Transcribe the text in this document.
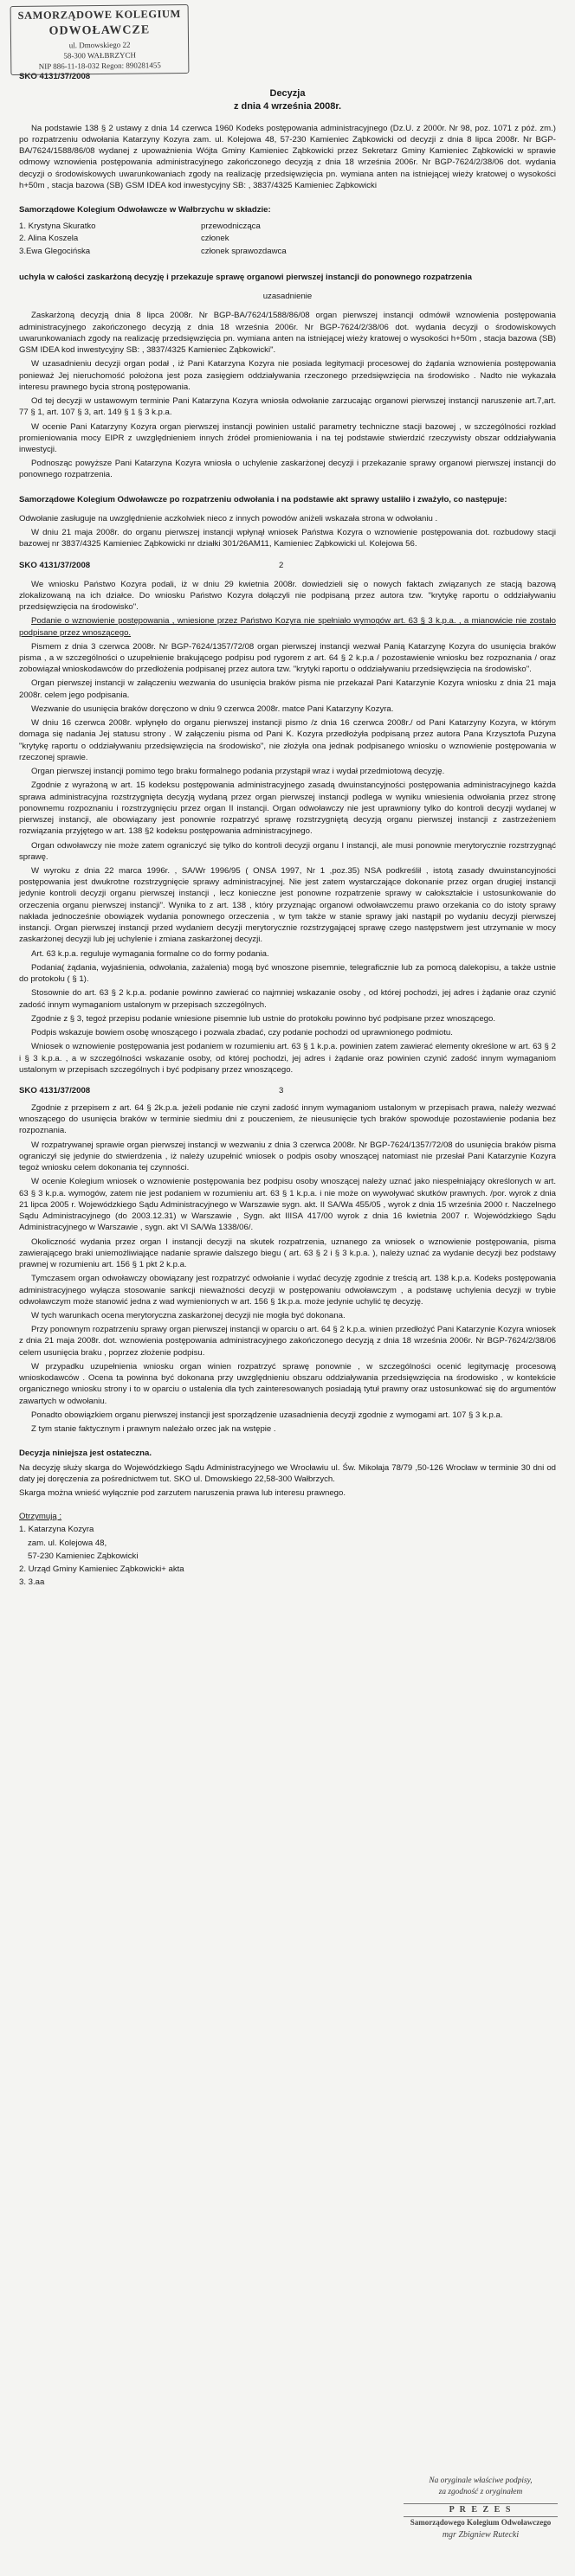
SAMORZĄDOWE KOLEGIUM
ODWOŁAWCZE
ul. Dmowskiego 22
58-300 WAŁBRZYCH
NIP 886-11-18-032 Regon: 890281455

SKO 4131/37/2008

Decyzja

z dnia 4 września 2008r.

Na podstawie 138 § 2 ustawy z dnia 14 czerwca 1960 Kodeks postępowania administracyjnego (Dz.U. z 2000r. Nr 98, poz. 1071 z póź. zm.) po rozpatrzeniu odwołania Katarzyny Kozyra zam. ul. Kolejowa 48, 57-230 Kamieniec Ząbkowicki od decyzji z dnia 8 lipca 2008r. Nr BGP-BA/7624/1588/86/08 wydanej z upoważnienia Wójta Gminy Kamieniec Ząbkowicki przez Sekretarz Gminy Kamieniec Ząbkowicki w sprawie odmowy wznowienia postępowania administracyjnego zakończonego decyzją z dnia 18 września 2006r. Nr BGP-7624/2/38/06 dot. wydania decyzji o środowiskowych uwarunkowaniach zgody na realizację przedsięwzięcia pn. wymiana anten na istniejącej wieży kratowej o wysokości h+50m , stacja bazowa (SB) GSM IDEA kod inwestycyjny SB: , 3837/4325 Kamieniec Ząbkowicki

Samorządowe Kolegium Odwoławcze w Wałbrzychu w składzie:

1. Krystyna Skuratko	przewodnicząca
2. Alina Koszela	członek
3.Ewa Glegocińska	członek sprawozdawca

uchyla w całości zaskarżoną decyzję i przekazuje sprawę organowi pierwszej instancji do ponownego rozpatrzenia

uzasadnienie

Zaskarżoną decyzją dnia 8 lipca 2008r. Nr BGP-BA/7624/1588/86/08 organ pierwszej instancji odmówił wznowienia postępowania administracyjnego zakończonego decyzją z dnia 18 września 2006r. Nr BGP-7624/2/38/06 dot. wydania decyzji o środowiskowych uwarunkowaniach zgody na realizację przedsięwzięcia pn. wymiana anten na istniejącej wieży kratowej o wysokości h+50m , stacja bazowa (SB) GSM IDEA kod inwestycyjny SB: , 3837/4325 Kamieniec Ząbkowicki".

W uzasadnieniu decyzji organ podał , iż Pani Katarzyna Kozyra nie posiada legitymacji procesowej do żądania wznowienia postępowania ponieważ Jej nieruchomość położona jest poza zasięgiem oddziaływania rzeczonego przedsięwzięcia na środowisko . Nadto nie wykazała interesu prawnego bycia stroną postępowania.

Od tej decyzji w ustawowym terminie Pani Katarzyna Kozyra wniosła odwołanie zarzucając organowi pierwszej instancji naruszenie art.7,art. 77 § 1, art. 107 § 3, art. 149 § 1 § 3 k.p.a.

W ocenie Pani Katarzyny Kozyra organ pierwszej instancji powinien ustalić parametry techniczne stacji bazowej , w szczególności rozkład promieniowania mocy EIPR z uwzględnieniem innych źródeł promieniowania i na tej podstawie stwierdzić rzeczywisty obszar oddziaływania inwestycji.

Podnosząc powyższe Pani Katarzyna Kozyra wniosła o uchylenie zaskarżonej decyzji i przekazanie sprawy organowi pierwszej instancji do ponownego rozpatrzenia.

Samorządowe Kolegium Odwoławcze po rozpatrzeniu odwołania i na podstawie akt sprawy ustaliło i zważyło, co następuje:

Odwołanie zasługuje na uwzględnienie aczkolwiek nieco z innych powodów aniżeli wskazała strona w odwołaniu .

W dniu 21 maja 2008r. do organu pierwszej instancji wpłynął wniosek Państwa Kozyra o wznowienie postępowania dot. rozbudowy stacji bazowej nr 3837/4325 Kamieniec Ząbkowicki nr działki 301/26AM11, Kamieniec Ząbkowicki ul. Kolejowa 56.

SKO 4131/37/2008	2

We wniosku Państwo Kozyra podali, iż w dniu 29 kwietnia 2008r. dowiedzieli się o nowych faktach związanych ze stacją bazową zlokalizowaną na ich działce. Do wniosku Państwo Kozyra dołączyli nie podpisaną przez autora tzw. "krytykę raportu o oddziaływaniu przedsięwzięcia na środowisko".

Podanie o wznowienie postępowania , wniesione przez Państwo Kozyra nie spełniało wymogów art. 63 § 3 k.p.a. , a mianowicie nie zostało podpisane przez wnoszącego.

Pismem z dnia 3 czerwca 2008r. Nr BGP-7624/1357/72/08 organ pierwszej instancji wezwał Panią Katarzynę Kozyra do usunięcia braków pisma , a w szczególności o uzupełnienie brakującego podpisu pod rygorem z art. 64 § 2 k.p.a / pozostawienie wniosku bez rozpoznania / oraz zobowiązał wnioskodawców do przedłożenia podpisanej przez autora tzw. "krytyki raportu o oddziaływaniu przedsięwzięcia na środowisko".

Organ pierwszej instancji w załączeniu wezwania do usunięcia braków pisma nie przekazał Pani Katarzynie Kozyra wniosku z dnia 21 maja 2008r. celem jego podpisania.

Wezwanie do usunięcia braków doręczono w dniu 9 czerwca 2008r. matce Pani Katarzyny Kozyra.

W dniu 16 czerwca 2008r. wpłynęło do organu pierwszej instancji pismo /z dnia 16 czerwca 2008r./ od Pani Katarzyny Kozyra, w którym domaga się nadania Jej statusu strony . W załączeniu pisma od Pani K. Kozyra przedłożyła podpisaną przez autora Pana Krzysztofa Puzyna "krytykę raportu o oddziaływaniu przedsięwzięcia na środowisko", nie złożyła ona jednak podpisanego wniosku o wznowienie postępowania w rzeczonej sprawie.

Organ pierwszej instancji pomimo tego braku formalnego podania przystąpił wraz i wydał przedmiotową decyzję.

Zgodnie z wyrażoną w art. 15 kodeksu postępowania administracyjnego zasadą dwuinstancyjności postępowania administracyjnego każda sprawa administracyjna rozstrzygnięta decyzją wydaną przez organ pierwszej instancji podlega w wyniku wniesienia odwołania przez stronę ponownemu rozpoznaniu i rozstrzygnięciu przez organ II instancji. Organ odwoławczy nie jest uprawniony tylko do kontroli decyzji wydanej w pierwszej instancji, ale obowiązany jest ponownie rozpatrzyć sprawę rozstrzygniętą decyzją organu pierwszej instancji z zastrzeżeniem rozwiązania przyjętego w art. 138 §2 kodeksu postępowania administracyjnego.

Organ odwoławczy nie może zatem ograniczyć się tylko do kontroli decyzji organu I instancji, ale musi ponownie merytorycznie rozstrzygnąć sprawę.

W wyroku z dnia 22 marca 1996r. , SA/Wr 1996/95 ( ONSA 1997, Nr 1 ,poz.35) NSA podkreślił , istotą zasady dwuinstancyjności postępowania jest dwukrotne rozstrzygnięcie sprawy administracyjnej. Nie jest zatem wystarczające dokonanie przez organ drugiej instancji jedynie kontroli decyzji organu pierwszej instancji , lecz konieczne jest ponowne rozpatrzenie sprawy w całokształcie i ustosunkowanie do orzeczenia organu pierwszej instancji". Wynika to z art. 138 , który przyznając organowi odwoławczemu prawo orzekania co do istoty sprawy nakłada jednocześnie obowiązek wydania ponownego orzeczenia , w tym także w stanie sprawy jaki nastąpił po wydaniu decyzji pierwszej instancji. Organ pierwszej instancji przed wydaniem decyzji merytorycznie rozstrzygającej sprawę czego następstwem jest utrzymanie w mocy zaskarżonej decyzji lub jej uchylenie i zmiana zaskarżonej decyzji.

Art. 63 k.p.a. reguluje wymagania formalne co do formy podania.

Podania( żądania, wyjaśnienia, odwołania, zażalenia) mogą być wnoszone pisemnie, telegraficznie lub za pomocą dalekopisu, a także ustnie do protokołu ( § 1).

Stosownie do art. 63 § 2 k.p.a. podanie powinno zawierać co najmniej wskazanie osoby , od której pochodzi, jej adres i żądanie oraz czynić zadość innym wymaganiom ustalonym w przepisach szczególnych.

Zgodnie z § 3, tegoż przepisu podanie wniesione pisemnie lub ustnie do protokołu powinno być podpisane przez wnoszącego.

Podpis wskazuje bowiem osobę wnoszącego i pozwala zbadać, czy podanie pochodzi od uprawnionego podmiotu.

Wniosek o wznowienie postępowania jest podaniem w rozumieniu art. 63 § 1 k.p.a. powinien zatem zawierać elementy określone w art. 63 § 2 i § 3 k.p.a. , a w szczególności wskazanie osoby, od której pochodzi, jej adres i żądanie oraz powinien czynić zadość innym wymaganiom ustalonym w przepisach szczególnych i być podpisany przez wnoszącego.

SKO 4131/37/2008	3

Zgodnie z przepisem z art. 64 § 2k.p.a. jeżeli podanie nie czyni zadość innym wymaganiom ustalonym w przepisach prawa, należy wezwać wnoszącego do usunięcia braków w terminie siedmiu dni z pouczeniem, że nieusunięcie tych braków spowoduje pozostawienie podania bez rozpoznania.

W rozpatrywanej sprawie organ pierwszej instancji w wezwaniu z dnia 3 czerwca 2008r. Nr BGP-7624/1357/72/08 do usunięcia braków pisma ograniczył się jedynie do stwierdzenia , iż należy uzupełnić wniosek o podpis osoby wnoszącej natomiast nie przesłał Pani Katarzynie Kozyra tegoż wniosku celem dokonania tej czynności.

W ocenie Kolegium wniosek o wznowienie postępowania bez podpisu osoby wnoszącej należy uznać jako niespełniający określonych w art. 63 § 3 k.p.a. wymogów, zatem nie jest podaniem w rozumieniu art. 63 § 1 k.p.a. i nie może on wywoływać skutków prawnych. /por. wyrok z dnia 21 lipca 2005 r. Wojewódzkiego Sądu Administracyjnego w Warszawie sygn. akt. II SA/Wa 455/05 , wyrok z dnia 15 września 2000 r. Naczelnego Sądu Administracyjnego (do 2003.12.31) w Warszawie , Sygn. akt IIISA 417/00 wyrok z dnia 16 kwietnia 2007 r. Wojewódzkiego Sądu Administracyjnego w Warszawie , sygn. akt VI SA/Wa 1338/06/.

Okoliczność wydania przez organ I instancji decyzji na skutek rozpatrzenia, uznanego za wniosek o wznowienie postępowania, pisma zawierającego braki uniemożliwiające nadanie sprawie dalszego biegu ( art. 63 § 2 i § 3 k.p.a. ), należy uznać za wydanie decyzji bez podstawy prawnej w rozumieniu art. 156 § 1 pkt 2 k.p.a.

Tymczasem organ odwoławczy obowiązany jest rozpatrzyć odwołanie i wydać decyzję zgodnie z treścią art. 138 k.p.a. Kodeks postępowania administracyjnego wyłącza stosowanie sankcji nieważności decyzji w postępowaniu odwoławczym , a podstawę uchylenia decyzji w trybie odwoławczym może stanowić jedna z wad wymienionych w art. 156 § 1k.p.a. może jedynie uchylić tę decyzję.

W tych warunkach ocena merytoryczna zaskarżonej decyzji nie mogła być dokonana.

Przy ponownym rozpatrzeniu sprawy organ pierwszej instancji w oparciu o art. 64 § 2 k.p.a. winien przedłożyć Pani Katarzynie Kozyra wniosek z dnia 21 maja 2008r. dot. wznowienia postępowania administracyjnego zakończonego decyzją z dnia 18 września 2006r. Nr BGP-7624/2/38/06 celem usunięcia braku , poprzez złożenie podpisu.

W przypadku uzupełnienia wniosku organ winien rozpatrzyć sprawę ponownie , w szczególności ocenić legitymację procesową wnioskodawców . Ocena ta powinna być dokonana przy uwzględnieniu obszaru oddziaływania przedsięwzięcia na środowisko , w kontekście organicznego wniosku strony i to w oparciu o ustalenia dla tych zainteresowanych posiadają tytuł prawny oraz ustosunkować się do argumentów zawartych w odwołaniu.

Ponadto obowiązkiem organu pierwszej instancji jest sporządzenie uzasadnienia decyzji zgodnie z wymogami art. 107 § 3 k.p.a.

Z tym stanie faktycznym i prawnym należało orzec jak na wstępie .

Decyzja niniejsza jest ostateczna.

Na decyzję służy skarga do Wojewódzkiego Sądu Administracyjnego we Wrocławiu ul. Św. Mikołaja 78/79 ,50-126 Wrocław w terminie 30 dni od daty jej doręczenia za pośrednictwem tut. SKO ul. Dmowskiego 22,58-300 Wałbrzych.

Skarga można wnieść wyłącznie pod zarzutem naruszenia prawa lub interesu prawnego.

Otrzymują :
1. Katarzyna Kozyra
zam. ul. Kolejowa 48,
57-230 Kamieniec Ząbkowicki
2. Urząd Gminy Kamieniec Ząbkowicki+ akta
3. 3.aa
Na oryginale właściwe podpisy,
za zgodność z oryginałem
P R E Z E S
Samorządowego Kolegium Odwoławczego
mgr Zbigniew Rutecki
